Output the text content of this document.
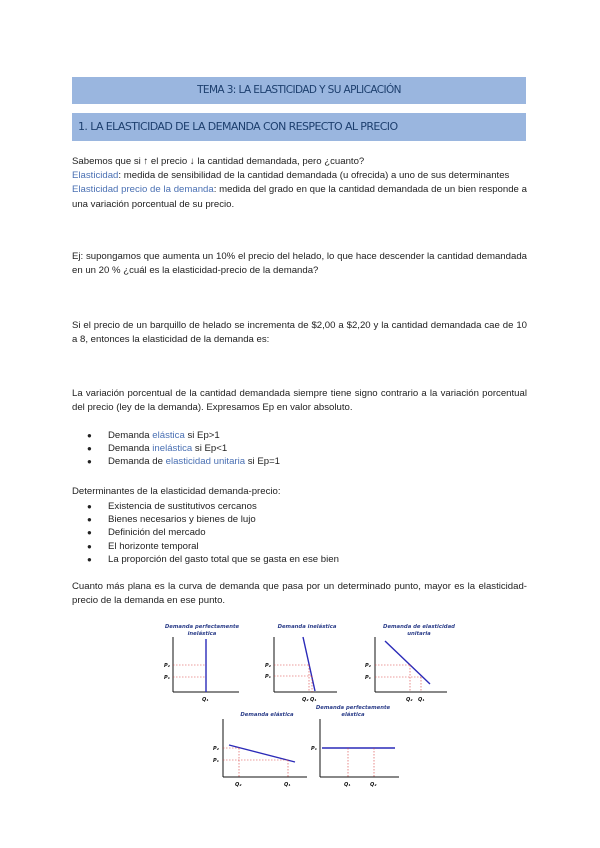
TEMA 3: LA ELASTICIDAD Y SU APLICACIÓN
1. LA ELASTICIDAD DE LA DEMANDA CON RESPECTO AL PRECIO
Sabemos que si ↑ el precio ↓ la cantidad demandada, pero ¿cuanto?
Elasticidad: medida de sensibilidad de la cantidad demandada (u ofrecida) a uno de sus determinantes
Elasticidad precio de la demanda: medida del grado en que la cantidad demandada de un bien responde a una variación porcentual de su precio.
Ej: supongamos que aumenta un 10% el precio del helado, lo que hace descender la cantidad demandada en un 20 % ¿cuál es la elasticidad-precio de la demanda?
Si el precio de un barquillo de helado se incrementa de $2,00 a $2,20 y la cantidad demandada cae de 10 a 8, entonces la elasticidad de la demanda es:
La variación porcentual de la cantidad demandada siempre tiene signo contrario a la variación porcentual del precio (ley de la demanda). Expresamos Ep en valor absoluto.
● Demanda elástica si Ep>1
● Demanda inelástica si Ep<1
● Demanda de elasticidad unitaria si Ep=1
Determinantes de la elasticidad demanda-precio:
● Existencia de sustitutivos cercanos
● Bienes necesarios y bienes de lujo
● Definición del mercado
● El horizonte temporal
● La proporción del gasto total que se gasta en ese bien
Cuanto más plana es la curva de demanda que pasa por un determinado punto, mayor es la elasticidad-precio de la demanda en ese punto.
Demanda perfectamente
inelástica
P₂
P₁
Q₁
Demanda inelástica
P₂
P₁
Q₂ Q₁
Demanda de elasticidad
unitaria
P₂
P₁
Q₂ Q₁
Demanda elástica
P₂
P₁
Q₂	Q₁
Demanda perfectamente
elástica
P₁
Q₁	Q₂
